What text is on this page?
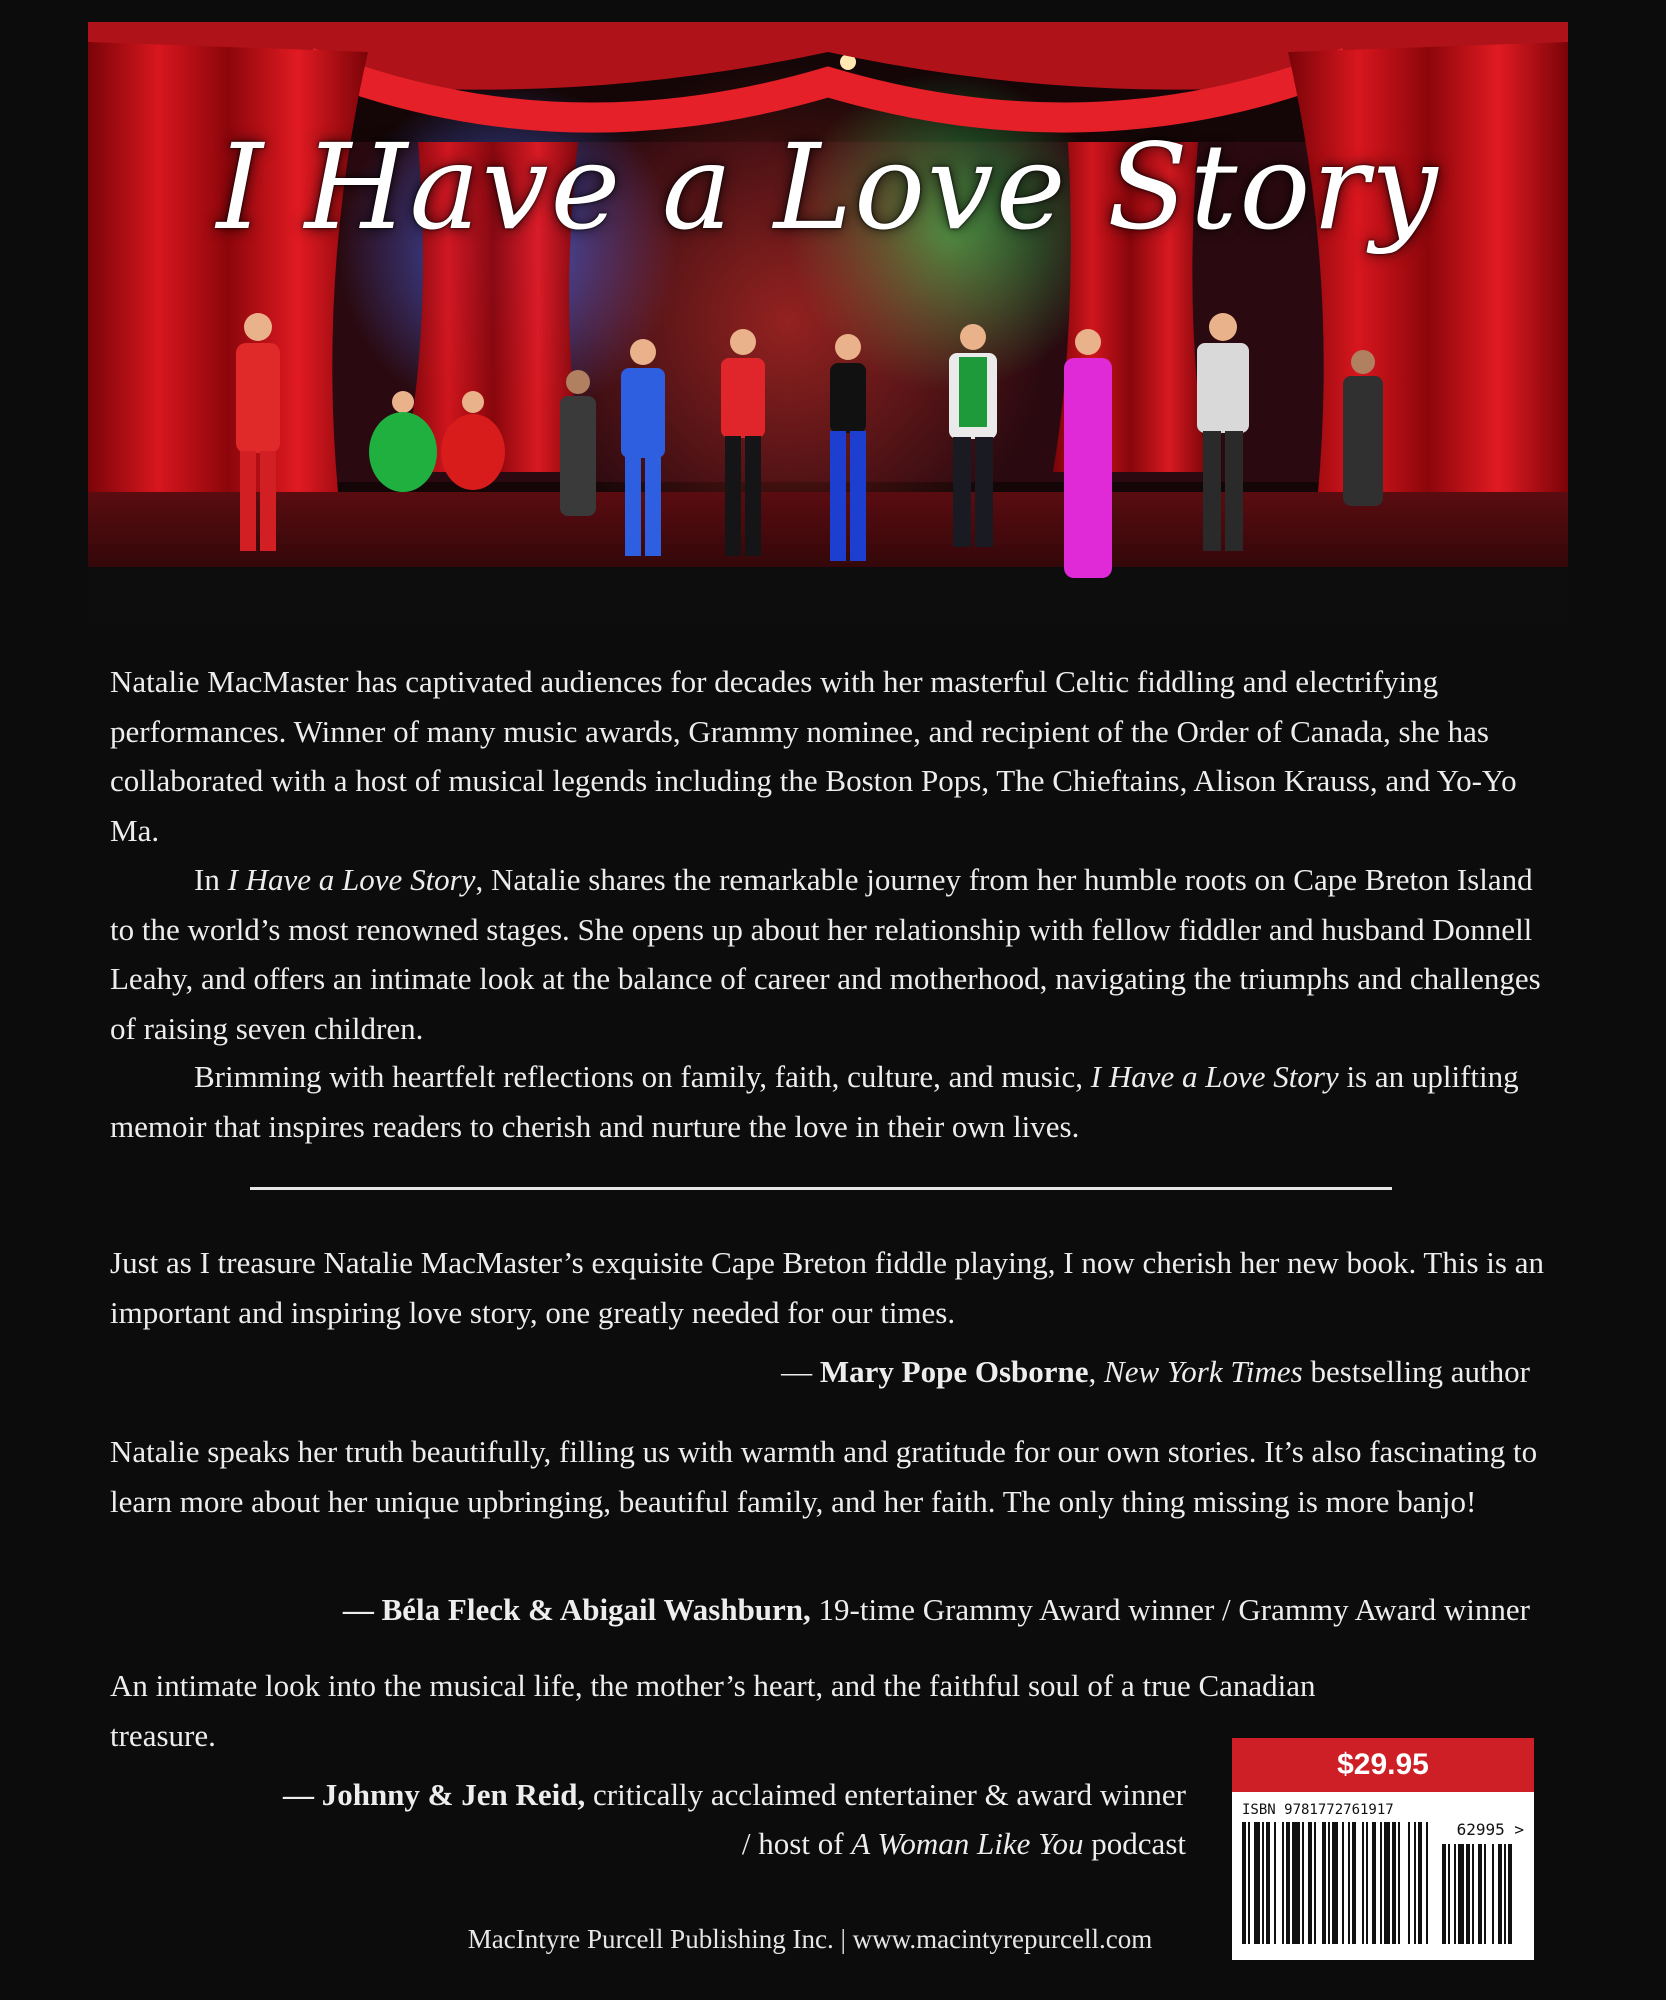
I Have a Love Story

Natalie MacMaster has captivated audiences for decades with her masterful Celtic fiddling and electrifying performances. Winner of many music awards, Grammy nominee, and recipient of the Order of Canada, she has collaborated with a host of musical legends including the Boston Pops, The Chieftains, Alison Krauss, and Yo-Yo Ma.

In I Have a Love Story, Natalie shares the remarkable journey from her humble roots on Cape Breton Island to the world’s most renowned stages. She opens up about her relationship with fellow fiddler and husband Donnell Leahy, and offers an intimate look at the balance of career and motherhood, navigating the triumphs and challenges of raising seven children.

Brimming with heartfelt reflections on family, faith, culture, and music, I Have a Love Story is an uplifting memoir that inspires readers to cherish and nurture the love in their own lives.

Just as I treasure Natalie MacMaster’s exquisite Cape Breton fiddle playing, I now cherish her new book. This is an important and inspiring love story, one greatly needed for our times.

— Mary Pope Osborne, New York Times bestselling author

Natalie speaks her truth beautifully, filling us with warmth and gratitude for our own stories. It’s also fascinating to learn more about her unique upbringing, beautiful family, and her faith. The only thing missing is more banjo!

— Béla Fleck & Abigail Washburn, 19-time Grammy Award winner / Grammy Award winner

An intimate look into the musical life, the mother’s heart, and the faithful soul of a true Canadian treasure.

— Johnny & Jen Reid, critically acclaimed entertainer & award winner

/ host of A Woman Like You podcast

MacIntyre Purcell Publishing Inc. | www.macintyrepurcell.com
$29.95
ISBN 9781772761917
62995 >
